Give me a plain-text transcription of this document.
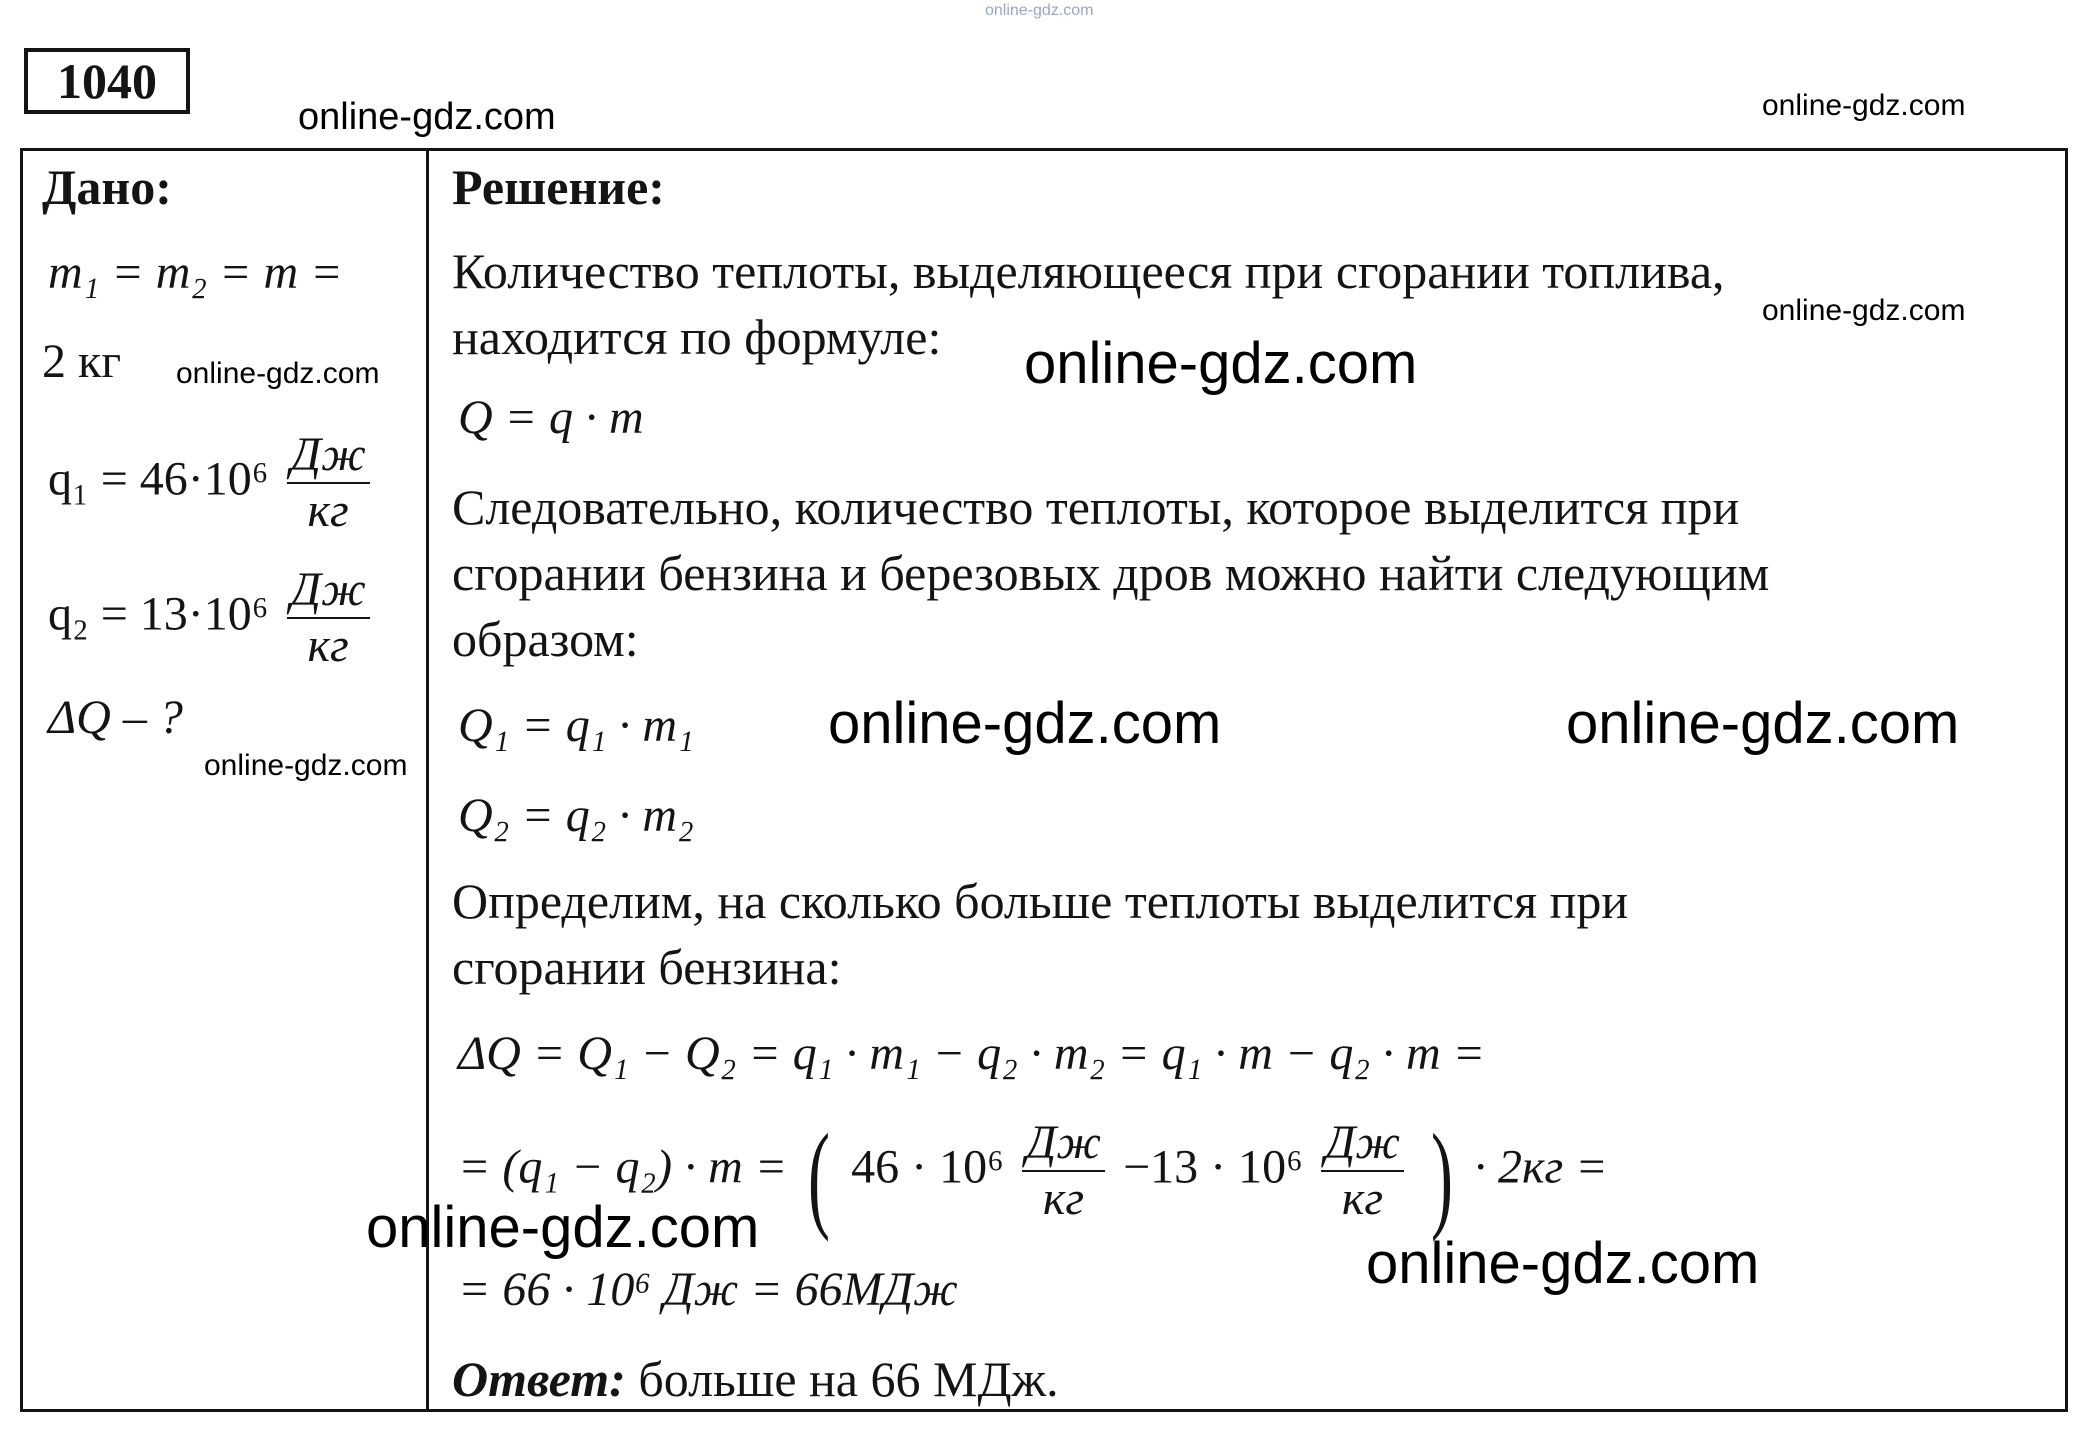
online-gdz.com
1040
online-gdz.com	online-gdz.com
Дано:
m₁ = m₂ = m =
2 кг
$q_1 = 46\cdot 10^6 \frac{Дж}{кг}$
$q_2 = 13\cdot 10^6 \frac{Дж}{кг}$
ΔQ – ?
online-gdz.com
online-gdz.com
Решение:
Количество теплоты, выделяющееся при сгорании топлива,
находится по формуле:
Q = q · m
Следовательно, количество теплоты, которое выделится при
сгорании бензина и березовых дров можно найти следующим
образом:
Q₁ = q₁ · m₁
Q₂ = q₂ · m₂
Определим, на сколько больше теплоты выделится при
сгорании бензина:
ΔQ = Q₁ − Q₂ = q₁ · m₁ − q₂ · m₂ = q₁ · m − q₂ · m =
= (q₁ − q₂) · m = ( $46 \cdot 10^6 \frac{Дж}{кг} -13 \cdot 10^6 \frac{Дж}{кг}$ ) · 2кг =
= 66 · 10⁶ Дж = 66МДж
Ответ: больше на 66 МДж.
online-gdz.com
online-gdz.com
online-gdz.com	online-gdz.com
online-gdz.com
online-gdz.com
